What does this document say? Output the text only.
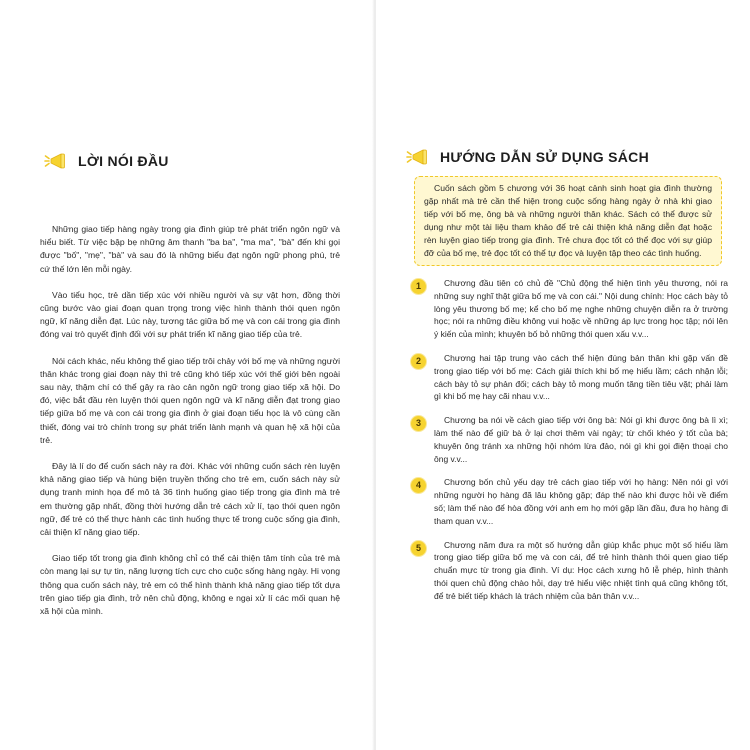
LỜI NÓI ĐẦU

Những giao tiếp hàng ngày trong gia đình giúp trẻ phát triển ngôn ngữ và hiểu biết. Từ việc bập bẹ những âm thanh "ba ba", "ma ma", "bà" đến khi gọi được "bố", "mẹ", "bà" và sau đó là những biểu đạt ngôn ngữ phong phú, trẻ cứ thế lớn lên mỗi ngày.

Vào tiểu học, trẻ dần tiếp xúc với nhiều người và sự vật hơn, đồng thời cũng bước vào giai đoạn quan trọng trong việc hình thành thói quen ngôn ngữ, kĩ năng diễn đạt. Lúc này, tương tác giữa bố mẹ và con cái trong gia đình đóng vai trò quyết định đối với sự phát triển kĩ năng giao tiếp của trẻ.

Nói cách khác, nếu không thể giao tiếp trôi chảy với bố mẹ và những người thân khác trong giai đoạn này thì trẻ cũng khó tiếp xúc với thế giới bên ngoài sau này, thậm chí có thể gây ra rào cản ngôn ngữ trong giao tiếp xã hội. Do đó, việc bắt đầu rèn luyện thói quen ngôn ngữ và kĩ năng diễn đạt trong giao tiếp giữa bố mẹ và con cái trong gia đình ở giai đoạn tiểu học là vô cùng cần thiết, đóng vai trò chính trong sự phát triển lành mạnh và quan hệ xã hội của trẻ.

Đây là lí do để cuốn sách này ra đời. Khác với những cuốn sách rèn luyện khả năng giao tiếp và hùng biện truyền thống cho trẻ em, cuốn sách này sử dụng tranh minh họa để mô tả 36 tình huống giao tiếp trong gia đình mà trẻ em thường gặp nhất, đồng thời hướng dẫn trẻ cách xử lí, tạo thói quen ngôn ngữ, để trẻ có thể thực hành các tình huống thực tế trong cuộc sống gia đình, cải thiện kĩ năng giao tiếp.

Giao tiếp tốt trong gia đình không chỉ có thể cải thiện tâm tính của trẻ mà còn mang lại sự tự tin, năng lượng tích cực cho cuộc sống hàng ngày. Hi vọng thông qua cuốn sách này, trẻ em có thể hình thành khả năng giao tiếp tốt dựa trên giao tiếp gia đình, trở nên chủ động, không e ngại xử lí các mối quan hệ xã hội của mình.

HƯỚNG DẪN SỬ DỤNG SÁCH
Cuốn sách gồm 5 chương với 36 hoạt cảnh sinh hoạt gia đình thường gặp nhất mà trẻ cần thể hiện trong cuộc sống hàng ngày ở nhà khi giao tiếp với bố mẹ, ông bà và những người thân khác. Sách có thể được sử dụng như một tài liệu tham khảo để trẻ cải thiện khả năng diễn đạt hoặc rèn luyện giao tiếp trong gia đình. Trẻ chưa đọc tốt có thể đọc với sự giúp đỡ của bố mẹ, trẻ đọc tốt có thể tự đọc và luyện tập theo các tình huống.
1	Chương đầu tiên có chủ đề "Chủ động thể hiện tình yêu thương, nói ra những suy nghĩ thật giữa bố mẹ và con cái." Nội dung chính: Học cách bày tỏ lòng yêu thương bố mẹ; kể cho bố mẹ nghe những chuyện diễn ra ở trường học; nói ra những điều không vui hoặc về những áp lực trong học tập; nói lên ý kiến của mình; khuyên bố bỏ những thói quen xấu v.v...
2	Chương hai tập trung vào cách thể hiện đúng bản thân khi gặp vấn đề trong giao tiếp với bố mẹ: Cách giải thích khi bố mẹ hiểu lầm; cách nhận lỗi; cách bày tỏ sự phản đối; cách bày tỏ mong muốn tăng tiền tiêu vặt; phải làm gì khi bố mẹ hay cãi nhau v.v...
3	Chương ba nói về cách giao tiếp với ông bà: Nói gì khi được ông bà lì xì; làm thế nào để giữ bà ở lại chơi thêm vài ngày; từ chối khéo ý tốt của bà; khuyên ông tránh xa những hội nhóm lừa đảo, nói gì khi gọi điện thoại cho ông v.v...
4	Chương bốn chủ yếu dạy trẻ cách giao tiếp với họ hàng: Nên nói gì với những người họ hàng đã lâu không gặp; đáp thế nào khi được hỏi về điểm số; làm thế nào để hòa đồng với anh em họ mới gặp lần đầu, đưa họ hàng đi tham quan v.v...
5	Chương năm đưa ra một số hướng dẫn giúp khắc phục một số hiểu lầm trong giao tiếp giữa bố mẹ và con cái, để trẻ hình thành thói quen giao tiếp chuẩn mực từ trong gia đình. Ví dụ: Học cách xưng hô lễ phép, hình thành thói quen chủ động chào hỏi, dạy trẻ hiểu việc nhiệt tình quá cũng không tốt, để trẻ biết tiếp khách là trách nhiệm của bản thân v.v...
